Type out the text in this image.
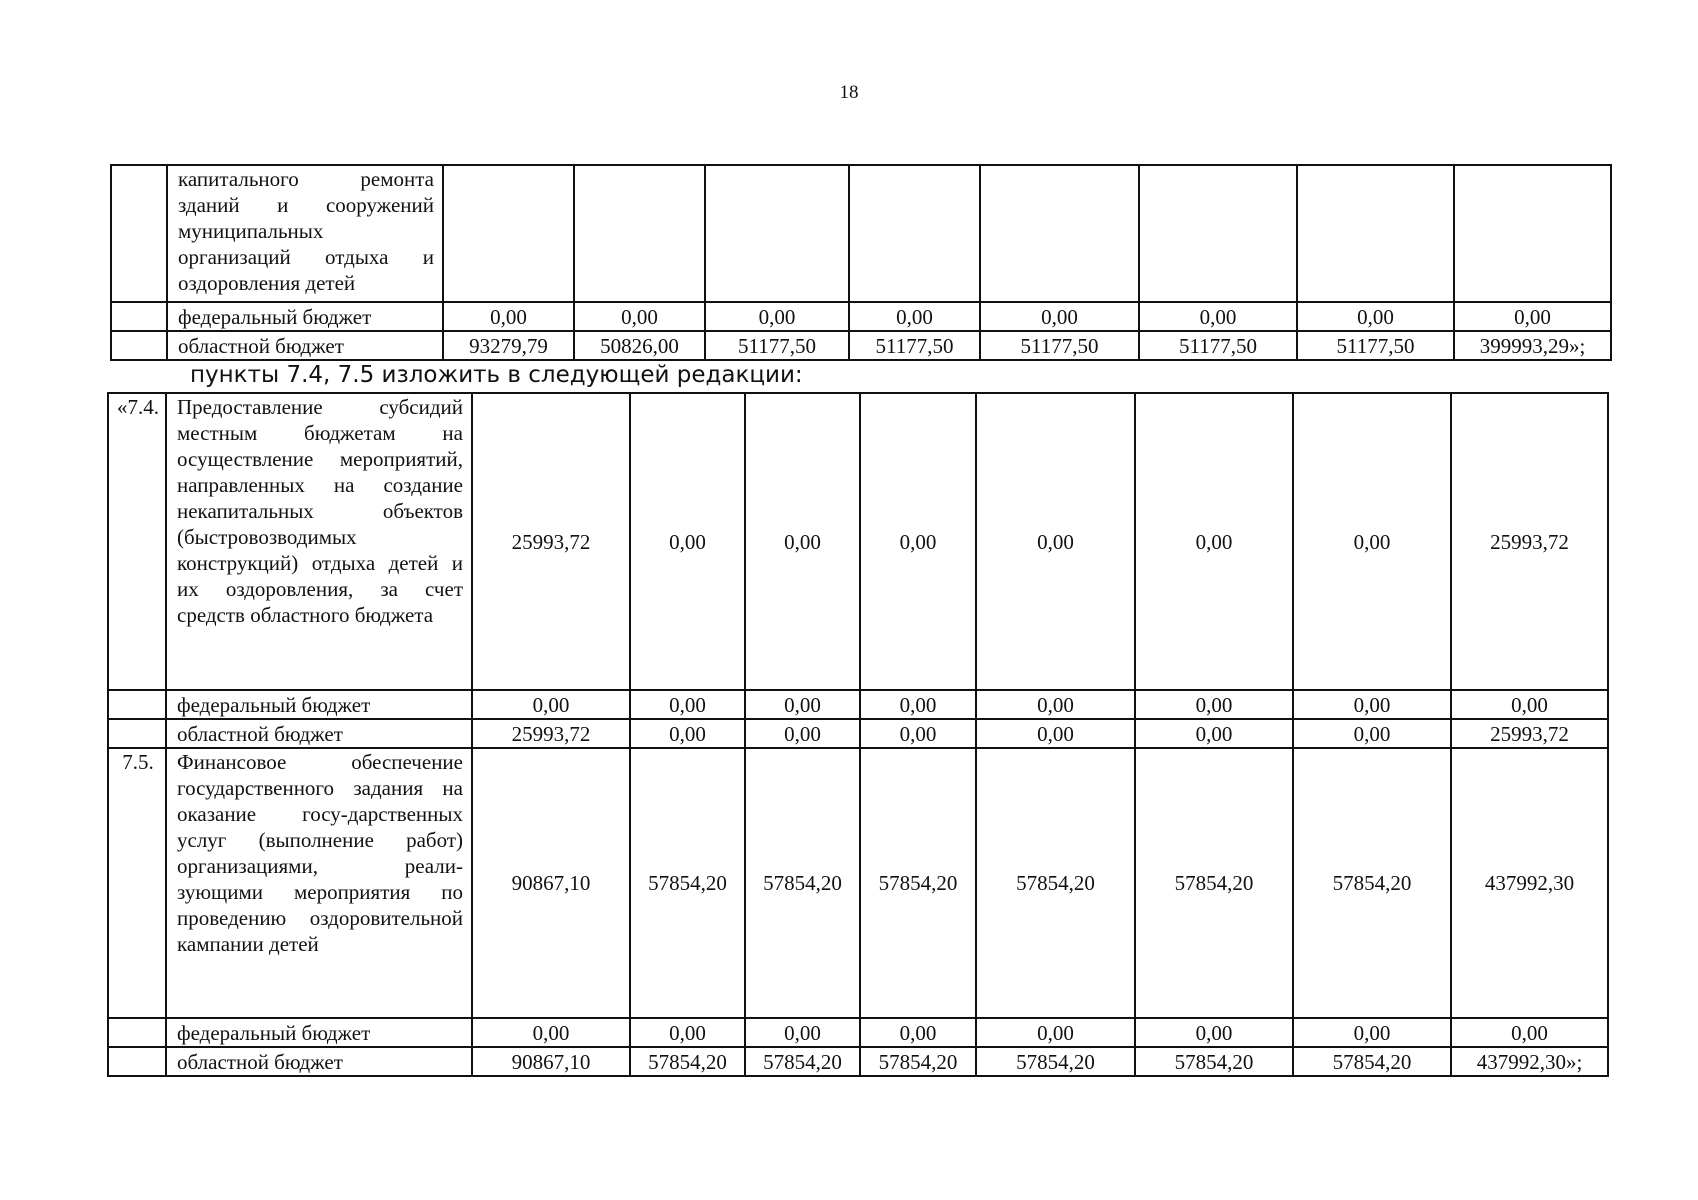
18
	капитального ремонта зданий и сооружений муниципальных организаций отдыха и оздоровления детей								
	федеральный бюджет	0,00	0,00	0,00	0,00	0,00	0,00	0,00	0,00
	областной бюджет	93279,79	50826,00	51177,50	51177,50	51177,50	51177,50	51177,50	399993,29»;
пункты 7.4, 7.5 изложить в следующей редакции:
«7.4.	Предоставление субсидий местным бюджетам на осуществление мероприятий, направленных на создание некапитальных объектов (быстровозводимых конструкций) отдыха детей и их оздоровления, за счет средств областного бюджета	25993,72	0,00	0,00	0,00	0,00	0,00	0,00	25993,72
	федеральный бюджет	0,00	0,00	0,00	0,00	0,00	0,00	0,00	0,00
	областной бюджет	25993,72	0,00	0,00	0,00	0,00	0,00	0,00	25993,72
7.5.	Финансовое обеспечение государственного задания на оказание госу-дарственных услуг (выполнение работ) организациями, реали-зующими мероприятия по проведению оздоровительной кампании детей	90867,10	57854,20	57854,20	57854,20	57854,20	57854,20	57854,20	437992,30
	федеральный бюджет	0,00	0,00	0,00	0,00	0,00	0,00	0,00	0,00
	областной бюджет	90867,10	57854,20	57854,20	57854,20	57854,20	57854,20	57854,20	437992,30»;
